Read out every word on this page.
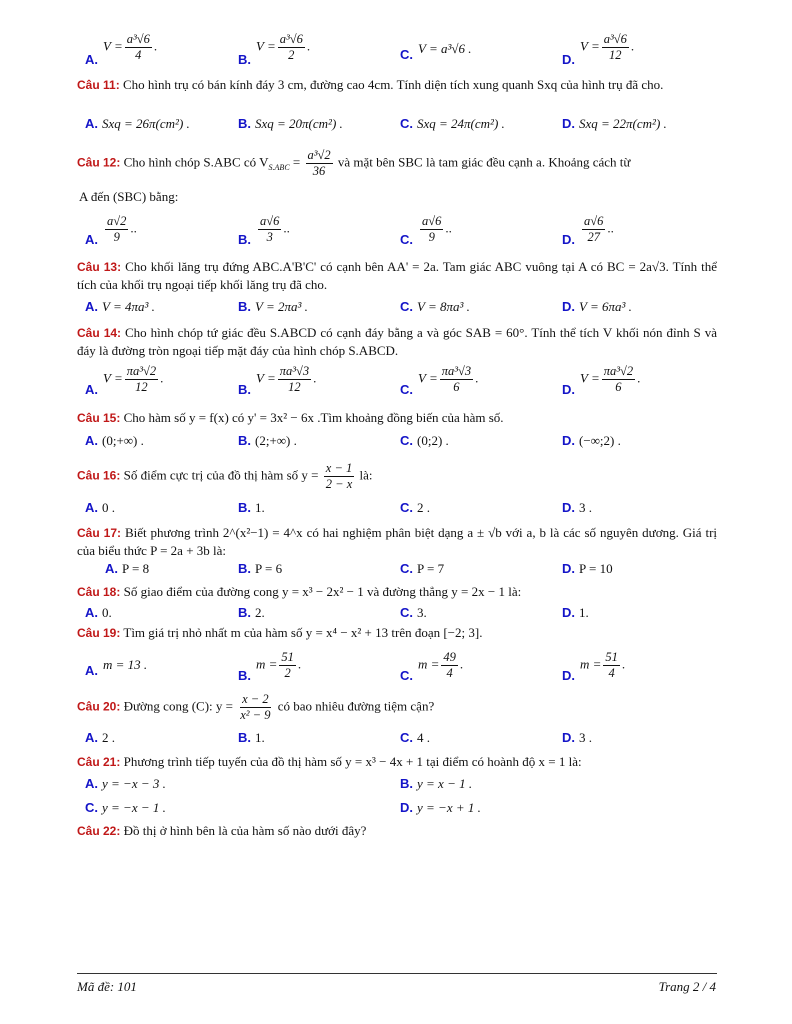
A.
$V = \frac{\text{a³√6}}{4}$ .
B.
$V = \frac{\text{a³√6}}{2}$ .
C. V = a³√6 .
D.
$V = \frac{\text{a³√6}}{12}$ .
Câu 11: Cho hình trụ có bán kính đáy 3 cm, đường cao 4cm. Tính diện tích xung quanh Sxq của hình trụ đã cho.
A. Sxq = 26π(cm²) .	B. Sxq = 20π(cm²) .	C. Sxq = 24π(cm²) .	D. Sxq = 22π(cm²) .
Câu 12: Cho hình chóp S.ABC có $V_{S.ABC} = \frac{\text{a³√2}}{36}$ và mặt bên SBC là tam giác đều cạnh a. Khoảng cách từ
A đến (SBC) bằng:
A. $\frac{a√2}{9}$ ..
B. $\frac{a√6}{3}$ ..
C. $\frac{a√6}{9}$ ..
D. $\frac{a√6}{27}$ ..
Câu 13: Cho khối lăng trụ đứng ABC.A'B'C' có cạnh bên AA' = 2a. Tam giác ABC vuông tại A có BC = 2a√3. Tính thể tích của khối trụ ngoại tiếp khối lăng trụ đã cho.
A. V = 4πa³ .	B. V = 2πa³ .	C. V = 8πa³ .	D. V = 6πa³ .
Câu 14: Cho hình chóp tứ giác đều S.ABCD có cạnh đáy bằng a và góc SAB = 60°. Tính thể tích V khối nón đỉnh S và đáy là đường tròn ngoại tiếp mặt đáy của hình chóp S.ABCD.
A.
$V = \frac{\text{πa³√2}}{12}$ .
B.
$V = \frac{\text{πa³√3}}{12}$ .
C.
$V = \frac{\text{πa³√3}}{6}$ .
D.
$V = \frac{\text{πa³√2}}{6}$ .
Câu 15: Cho hàm số y = f(x) có y' = 3x² − 6x .Tìm khoảng đồng biến của hàm số.
A. (0;+∞) .	B. (2;+∞) .	C. (0;2) .	D. (−∞;2) .
Câu 16: Số điểm cực trị của đồ thị hàm số $y = \frac{x - 1}{2 - x}$ là:
A. 0 .	B. 1.	C. 2 .	D. 3 .
Câu 17: Biết phương trình 2^(x²−1) = 4^x có hai nghiệm phân biệt dạng a ± √b với a, b là các số nguyên dương. Giá trị của biểu thức P = 2a + 3b là:
A. P = 8	B. P = 6	C. P = 7	D. P = 10
Câu 18: Số giao điểm của đường cong y = x³ − 2x² − 1 và đường thẳng y = 2x − 1 là:
A. 0.	B. 2.	C. 3.	D. 1.
Câu 19: Tìm giá trị nhỏ nhất m của hàm số y = x⁴ − x² + 13 trên đoạn [−2; 3].
A. m = 13 .
B.
$m = \frac{51}{2}$ .
C.
$m = \frac{49}{4}$ .
D.
$m = \frac{51}{4}$ .
Câu 20: Đường cong (C): $y = \frac{x - 2}{\text{x² − 9}}$ có bao nhiêu đường tiệm cận?
A. 2 .	B. 1.	C. 4 .	D. 3 .
Câu 21: Phương trình tiếp tuyến của đồ thị hàm số y = x³ − 4x + 1 tại điểm có hoành độ x = 1 là:
A. y = −x − 3 .	B. y = x − 1 .
C. y = −x − 1 .	D. y = −x + 1 .
Câu 22: Đồ thị ở hình bên là của hàm số nào dưới đây?
Mã đề: 101	Trang 2 / 4
